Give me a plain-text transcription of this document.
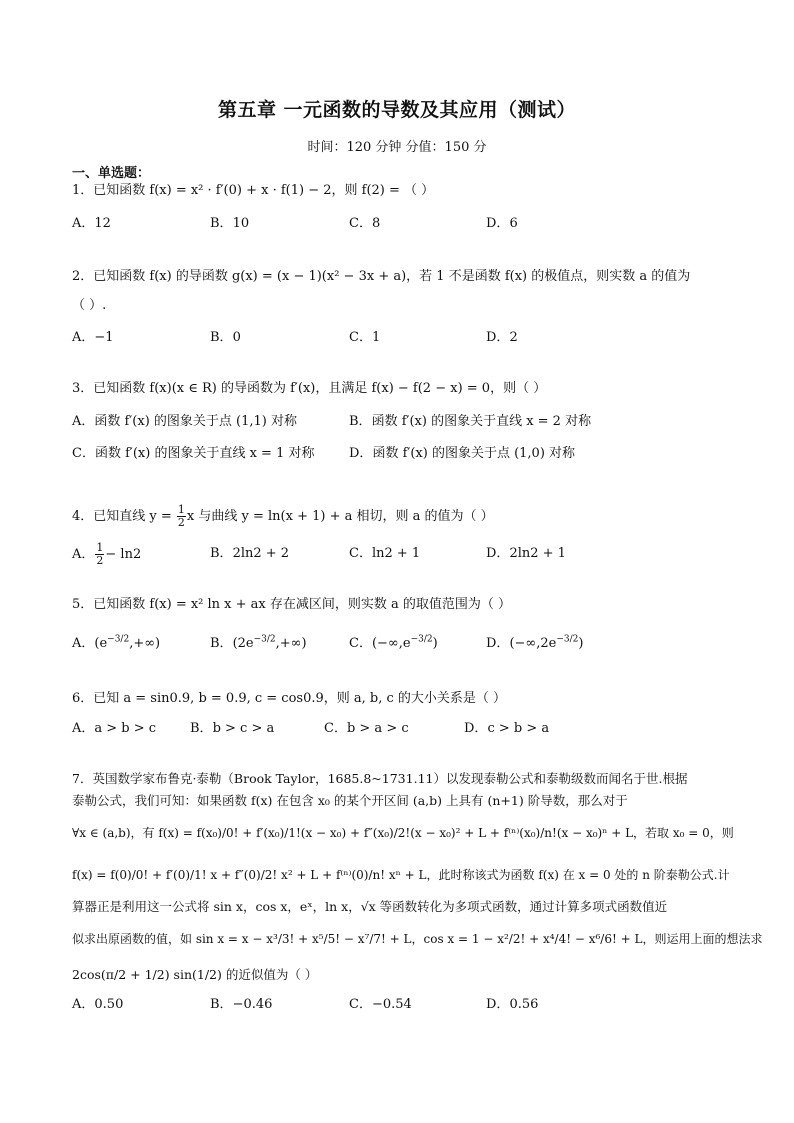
第五章 一元函数的导数及其应用（测试）
时间：120 分钟 分值：150 分
一、单选题：
1．已知函数 f(x) = x² · f′(0) + x · f(1) − 2，则 f(2) = （ ）
A．12	B．10	C．8	D．6
2．已知函数 f(x) 的导函数 g(x) = (x − 1)(x² − 3x + a)，若 1 不是函数 f(x) 的极值点，则实数 a 的值为
（ ）.
A．−1	B．0	C．1	D．2
3．已知函数 f(x)(x ∈ R) 的导函数为 f′(x)，且满足 f(x) − f(2 − x) = 0，则（ ）
A．函数 f′(x) 的图象关于点 (1,1) 对称	B．函数 f′(x) 的图象关于直线 x = 2 对称
C．函数 f′(x) 的图象关于直线 x = 1 对称	D．函数 f′(x) 的图象关于点 (1,0) 对称
4．已知直线 $y = \frac{1}{2}$ x 与曲线 y = ln(x + 1) + a 相切，则 a 的值为（ ）
A． $\frac{1}{2} - \ln 2$	B．2ln2 + 2	C．ln2 + 1	D．2ln2 + 1
5．已知函数 f(x) = x² ln x + ax 存在减区间，则实数 a 的取值范围为（ ）
A．$(e^{-3/2},+\infty)$	B．$(2e^{-3/2},+\infty)$	C．$(-\infty,e^{-3/2})$	D．$(-\infty,2e^{-3/2})$
6．已知 a = sin0.9, b = 0.9, c = cos0.9，则 a, b, c 的大小关系是（ ）
A．a > b > c	B．b > c > a	C．b > a > c	D．c > b > a
7．英国数学家布鲁克·泰勒（Brook Taylor，1685.8~1731.11）以发现泰勒公式和泰勒级数而闻名于世.根据
泰勒公式，我们可知：如果函数 f(x) 在包含 x₀ 的某个开区间 (a,b) 上具有 (n+1) 阶导数，那么对于
∀x ∈ (a,b)，有 f(x) = f(x₀)/0! + f′(x₀)/1!(x − x₀) + f″(x₀)/2!(x − x₀)² + L + f⁽ⁿ⁾(x₀)/n!(x − x₀)ⁿ + L，若取 x₀ = 0，则
f(x) = f(0)/0! + f′(0)/1! x + f″(0)/2! x² + L + f⁽ⁿ⁾(0)/n! xⁿ + L，此时称该式为函数 f(x) 在 x = 0 处的 n 阶泰勒公式.计
算器正是利用这一公式将 sin x，cos x，eˣ，ln x，√x 等函数转化为多项式函数，通过计算多项式函数值近
似求出原函数的值，如 sin x = x − x³/3! + x⁵/5! − x⁷/7! + L，cos x = 1 − x²/2! + x⁴/4! − x⁶/6! + L，则运用上面的想法求
2cos(π/2 + 1/2) sin(1/2) 的近似值为（ ）
A．0.50	B．−0.46	C．−0.54	D．0.56
